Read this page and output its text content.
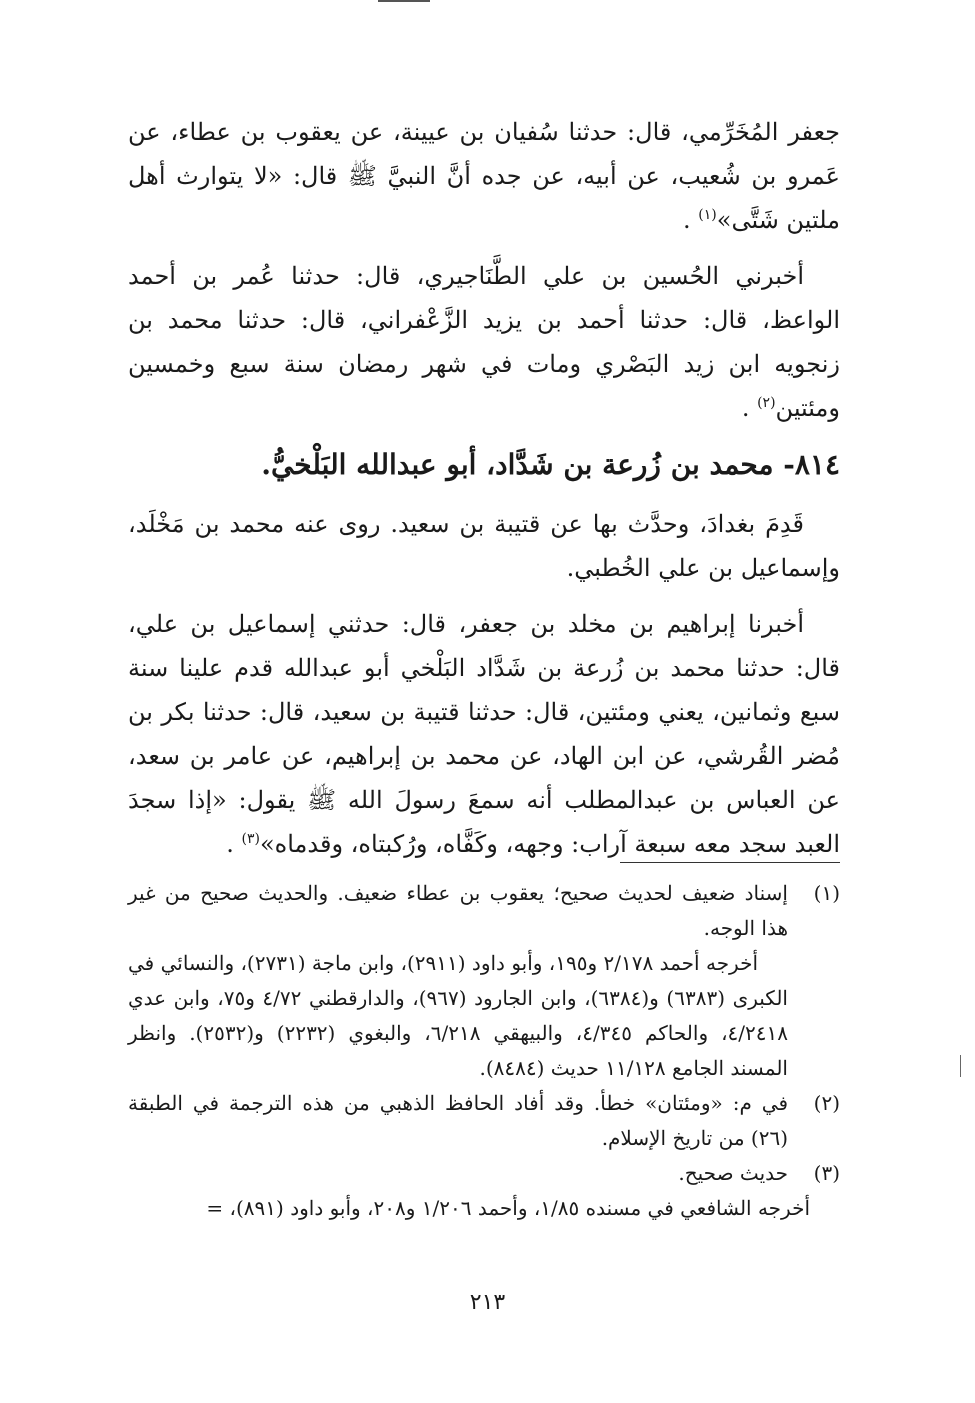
جعفر المُخَرِّمي، قال: حدثنا سُفيان بن عيينة، عن يعقوب بن عطاء، عن عَمرو بن شُعيب، عن أبيه، عن جده أنَّ النبيَّ ﷺ قال: «لا يتوارث أهل ملتين شَتَّى»$^{(١)}$ .

أخبرني الحُسين بن علي الطَّنَاجيري، قال: حدثنا عُمر بن أحمد الواعظ، قال: حدثنا أحمد بن يزيد الزَّعْفراني، قال: حدثنا محمد بن زنجويه ابن زيد البَصْري ومات في شهر رمضان سنة سبع وخمسين ومئتين$^{(٢)}$ .

٨١٤- محمد بن زُرعة بن شَدَّاد، أبو عبدالله البَلْخيُّ.

قَدِمَ بغدادَ، وحدَّث بها عن قتيبة بن سعيد. روى عنه محمد بن مَخْلَد، وإسماعيل بن علي الخُطبي.

أخبرنا إبراهيم بن مخلد بن جعفر، قال: حدثني إسماعيل بن علي، قال: حدثنا محمد بن زُرعة بن شَدَّاد البَلْخي أبو عبدالله قدم علينا سنة سبع وثمانين، يعني ومئتين، قال: حدثنا قتيبة بن سعيد، قال: حدثنا بكر بن مُضر القُرشي، عن ابن الهاد، عن محمد بن إبراهيم، عن عامر بن سعد، عن العباس بن عبدالمطلب أنه سمعَ رسولَ الله ﷺ يقول: «إذا سجدَ العبد سجد معه سبعة آراب: وجهه، وكَفَّاه، ورُكبتاه، وقدماه»$^{(٣)}$ .

(١)
إسناد ضعيف لحديث صحيح؛ يعقوب بن عطاء ضعيف. والحديث صحيح من غير هذا الوجه.

أخرجه أحمد ٢/١٧٨ و١٩٥، وأبو داود (٢٩١١)، وابن ماجة (٢٧٣١)، والنسائي في الكبرى (٦٣٨٣) و(٦٣٨٤)، وابن الجارود (٩٦٧)، والدارقطني ٤/٧٢ و٧٥، وابن عدي ٤/٢٤١٨، والحاكم ٤/٣٤٥، والبيهقي ٦/٢١٨، والبغوي (٢٢٣٢) و(٢٥٣٢). وانظر المسند الجامع ١١/١٢٨ حديث (٨٤٨٤).

(٢)
في م: «ومئتان» خطأ. وقد أفاد الحافظ الذهبي من هذه الترجمة في الطبقة (٢٦) من تاريخ الإسلام.

(٣)
حديث صحيح.

أخرجه الشافعي في مسنده ١/٨٥، وأحمد ١/٢٠٦ و٢٠٨، وأبو داود (٨٩١)، =

٢١٣
